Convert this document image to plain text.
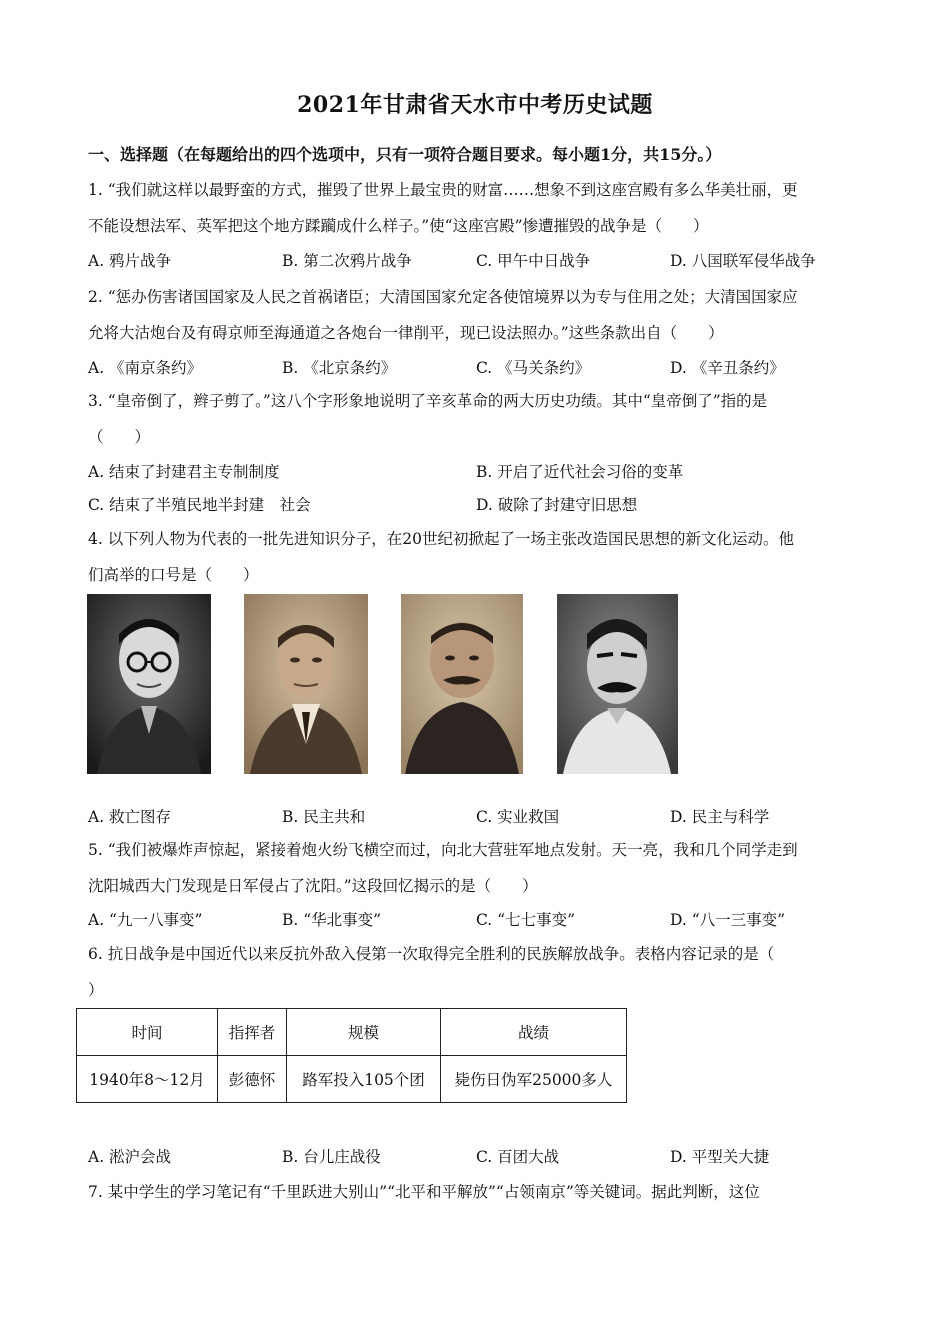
2021年甘肃省天水市中考历史试题
一、选择题（在每题给出的四个选项中，只有一项符合题目要求。每小题1分，共15分。）
1. “我们就这样以最野蛮的方式，摧毁了世界上最宝贵的财富……想象不到这座宫殿有多么华美壮丽，更
不能设想法军、英军把这个地方蹂躏成什么样子。”使“这座宫殿”惨遭摧毁的战争是（　　）
A. 鸦片战争	B. 第二次鸦片战争	C. 甲午中日战争	D. 八国联军侵华战争
2. “惩办伤害诸国国家及人民之首祸诸臣；大清国国家允定各使馆境界以为专与住用之处；大清国国家应
允将大沽炮台及有碍京师至海通道之各炮台一律削平，现已设法照办。”这些条款出自（　　）
A. 《南京条约》	B. 《北京条约》	C. 《马关条约》	D. 《辛丑条约》
3. “皇帝倒了，辫子剪了。”这八个字形象地说明了辛亥革命的两大历史功绩。其中“皇帝倒了”指的是
（　　）
A. 结束了封建君主专制制度	B. 开启了近代社会习俗的变革
C. 结束了半殖民地半封建　社会	D. 破除了封建守旧思想
4. 以下列人物为代表的一批先进知识分子，在20世纪初掀起了一场主张改造国民思想的新文化运动。他
们高举的口号是（　　）
A. 救亡图存	B. 民主共和	C. 实业救国	D. 民主与科学
5. “我们被爆炸声惊起，紧接着炮火纷飞横空而过，向北大营驻军地点发射。天一亮，我和几个同学走到
沈阳城西大门发现是日军侵占了沈阳。”这段回忆揭示的是（　　）
A. “九一八事变”	B. “华北事变”	C. “七七事变”	D. “八一三事变”
6. 抗日战争是中国近代以来反抗外敌入侵第一次取得完全胜利的民族解放战争。表格内容记录的是（
）
时间	指挥者	规模	战绩
1940年8～12月	彭德怀	路军投入105个团	毙伤日伪军25000多人
A. 淞沪会战	B. 台儿庄战役	C. 百团大战	D. 平型关大捷
7. 某中学生的学习笔记有“千里跃进大别山”“北平和平解放”“占领南京”等关键词。据此判断，这位
